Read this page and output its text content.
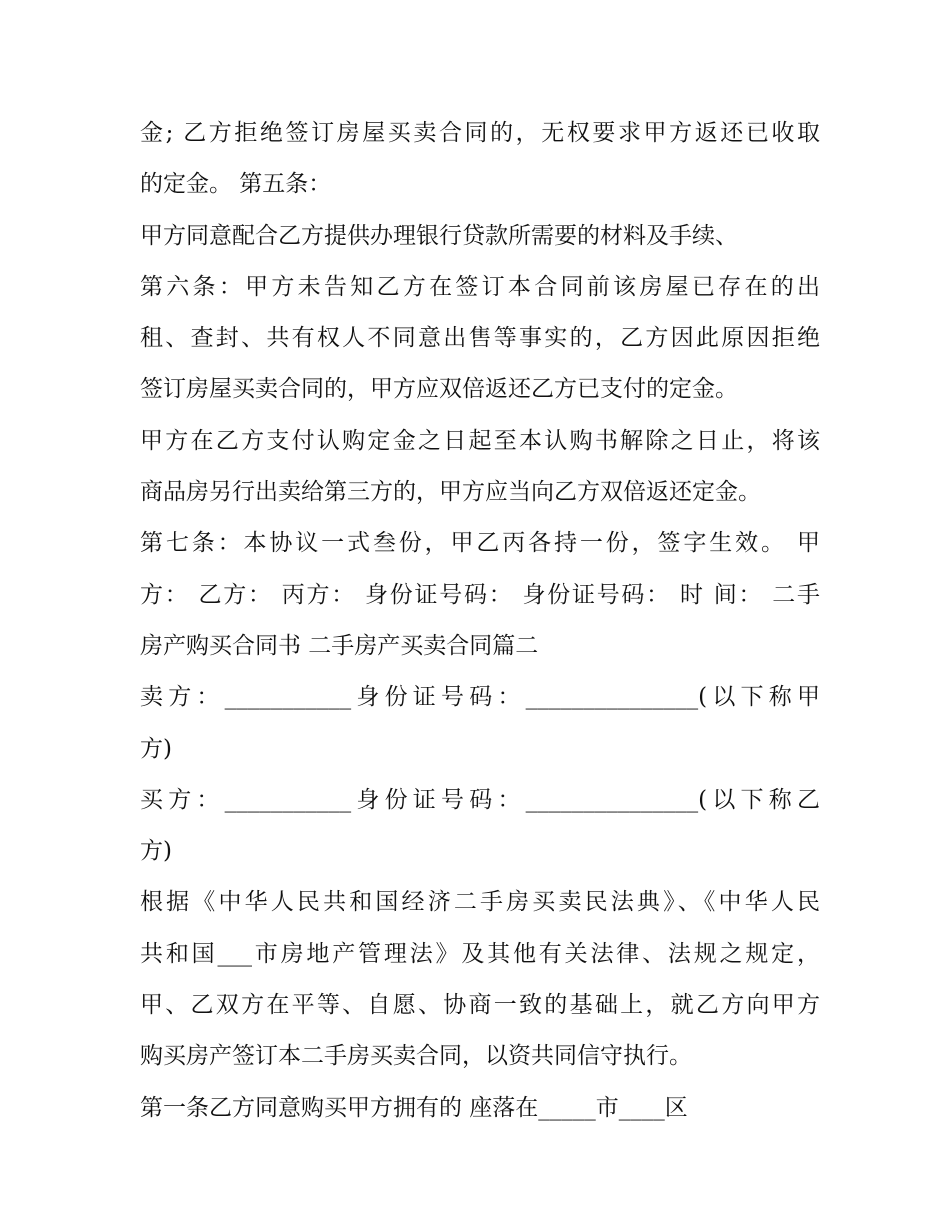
金; 乙方拒绝签订房屋买卖合同的，无权要求甲方返还已收取
的定金。 第五条：
甲方同意配合乙方提供办理银行贷款所需要的材料及手续、
第六条：甲方未告知乙方在签订本合同前该房屋已存在的出
租、查封、共有权人不同意出售等事实的，乙方因此原因拒绝
签订房屋买卖合同的，甲方应双倍返还乙方已支付的定金。
甲方在乙方支付认购定金之日起至本认购书解除之日止，将该
商品房另行出卖给第三方的，甲方应当向乙方双倍返还定金。
第七条：本协议一式叁份，甲乙丙各持一份，签字生效。 甲
方： 乙方： 丙方： 身份证号码： 身份证号码： 时 间： 二手
房产购买合同书 二手房产买卖合同篇二
卖方：___________身份证号码：_______________(以下称甲
方)
买方：___________身份证号码：_______________(以下称乙
方)
根据《中华人民共和国经济二手房买卖民法典》、《中华人民
共和国___市房地产管理法》及其他有关法律、法规之规定，
甲、乙双方在平等、自愿、协商一致的基础上，就乙方向甲方
购买房产签订本二手房买卖合同，以资共同信守执行。
第一条乙方同意购买甲方拥有的 座落在_____市____区
